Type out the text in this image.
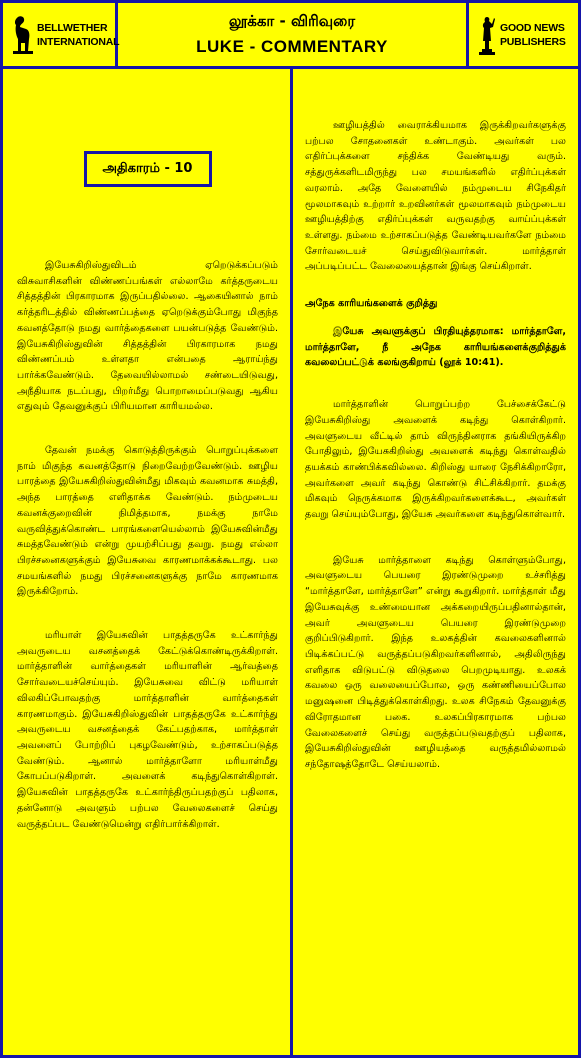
BELLWETHER
INTERNATIONAL
லூக்கா - விரிவுரை
LUKE - COMMENTARY
GOOD NEWS
PUBLISHERS
அதிகாரம் - 10

இயேசுகிறிஸ்துவிடம் ஏறெடுக்கப்படும் விசுவாசிகளின் விண்ணப்பங்கள் எல்லாமே கர்த்தருடைய சித்தத்தின் பிரகாரமாக இருப்பதில்லை. ஆகையினால் நாம் கர்த்தரிடத்தில் விண்ணப்பத்தை ஏறெடுக்கும்போது மிகுந்த கவனத்தோடு நமது வார்த்தைகளை பயன்படுத்த வேண்டும். இயேசுகிறிஸ்துவின் சித்தத்தின் பிரகாரமாக நமது விண்ணப்பம் உள்ளதா என்பதை ஆராய்ந்து பார்க்கவேண்டும். தேவையில்லாமல் சண்டையிடுவது, அநீதியாக நடப்பது, பிறர்மீது பொறாமைப்படுவது ஆகிய எதுவும் தேவனுக்குப் பிரியமான காரியமல்ல.

தேவன் நமக்கு கொடுத்திருக்கும் பொறுப்புக்களை நாம் மிகுந்த கவனத்தோடு நிறைவேற்றவேண்டும். ஊழிய பாரத்தை இயேசுகிறிஸ்துவின்மீது மிகவும் கவனமாக சுமத்தி, அந்த பாரத்தை எளிதாக்க வேண்டும். நம்முடைய கவனக்குறைவின் நிமித்தமாக, நமக்கு நாமே வருவித்துக்கொண்ட பாரங்களையெல்லாம் இயேசுவின்மீது சுமத்தவேண்டும் என்று முயற்சிப்பது தவறு. நமது எல்லா பிரச்சனைகளுக்கும் இயேசுவை காரணமாக்கக்கூடாது. பல சமயங்களில் நமது பிரச்சனைகளுக்கு நாமே காரணமாக இருக்கிறோம்.

மரியாள் இயேசுவின் பாதத்தருகே உட்கார்ந்து அவருடைய வசனத்தைக் கேட்டுக்கொண்டிருக்கிறாள். மார்த்தாளின் வார்த்தைகள் மரியாளின் ஆர்வத்தை சோர்வடையச்செய்யும். இயேசுவை விட்டு மரியாள் விலகிப்போவதற்கு மார்த்தாளின் வார்த்தைகள் காரணமாகும். இயேசுகிறிஸ்துவின் பாதத்தருகே உட்கார்ந்து அவருடைய வசனத்தைக் கேட்பதற்காக, மார்த்தாள் அவளைப் போற்றிப் புகழவேண்டும், உற்சாகப்படுத்த வேண்டும். ஆனால் மார்த்தாளோ மரியாள்மீது கோபப்படுகிறாள். அவளைக் கடிந்துகொள்கிறாள். இயேசுவின் பாதத்தருகே உட்கார்ந்திருப்பதற்குப் பதிலாக, தன்னோடு அவளும் பற்பல வேலைகளைச் செய்து வருத்தப்பட வேண்டுமென்று எதிர்பார்க்கிறாள்.

ஊழியத்தில் வைராக்கியமாக இருக்கிறவர்களுக்கு பற்பல சோதனைகள் உண்டாகும். அவர்கள் பல எதிர்ப்புக்களை சந்திக்க வேண்டியது வரும். சத்துருக்களிடமிருந்து பல சமயங்களில் எதிர்ப்புக்கள் வரலாம். அதே வேளையில் நம்முடைய சிநேகிதர் மூலமாகவும் உற்றார் உறவினர்கள் மூலமாகவும் நம்முடைய ஊழியத்திற்கு எதிர்ப்புக்கள் வருவதற்கு வாய்ப்புக்கள் உள்ளது. நம்மை உற்சாகப்படுத்த வேண்டியவர்களே நம்மை சோர்வடையச் செய்துவிடுவார்கள். மார்த்தாள் அப்படிப்பட்ட வேலையைத்தான் இங்கு செய்கிறாள்.

அநேக காரியங்களைக் குறித்து

இயேசு அவளுக்குப் பிரதியுத்தரமாக: மார்த்தாளே, மார்த்தாளே, நீ அநேக காரியங்களைக்குறித்துக் கவலைப்பட்டுக் கலங்குகிறாய் (லூக் 10:41).

மார்த்தாளின் பொறுப்பற்ற பேச்சைக்கேட்டு இயேசுகிறிஸ்து அவளைக் கடிந்து கொள்கிறார். அவளுடைய வீட்டில் தாம் விருந்தினராக தங்கியிருக்கிற போதிலும், இயேசுகிறிஸ்து அவளைக் கடிந்து கொள்வதில் தயக்கம் காண்பிக்கவில்லை. கிறிஸ்து யாரை நேசிக்கிறாரோ, அவர்களை அவர் கடிந்து கொண்டு சிட்சிக்கிறார். தமக்கு மிகவும் நெருக்கமாக இருக்கிறவர்களைக்கூட, அவர்கள் தவறு செய்யும்போது, இயேசு அவர்களை கடிந்துகொள்வார்.

இயேசு மார்த்தாளை கடிந்து கொள்ளும்போது, அவளுடைய பெயரை இரண்டுமுறை உச்சரித்து “மார்த்தாளே, மார்த்தாளே” என்று கூறுகிறார். மார்த்தாள் மீது இயேசுவுக்கு உண்மையான அக்கறையிருப்பதினால்தான், அவர் அவளுடைய பெயரை இரண்டுமுறை குறிப்பிடுகிறார். இந்த உலகத்தின் கவலைகளினால் பிடிக்கப்பட்டு வருத்தப்படுகிறவர்களினால், அதிலிருந்து எளிதாக விடுபட்டு விடுதலை பெறமுடியாது. உலகக் கவலை ஒரு வலையைப்போல, ஒரு கண்ணியைப்போல மனுஷனை பிடித்துக்கொள்கிறது. உலக சிநேகம் தேவனுக்கு விரோதமான பகை. உலகப்பிரகாரமாக பற்பல வேலைகளைச் செய்து வருத்தப்படுவதற்குப் பதிலாக, இயேசுகிறிஸ்துவின் ஊழியத்தை வருத்தமில்லாமல் சந்தோஷத்தோடே செய்யலாம்.
